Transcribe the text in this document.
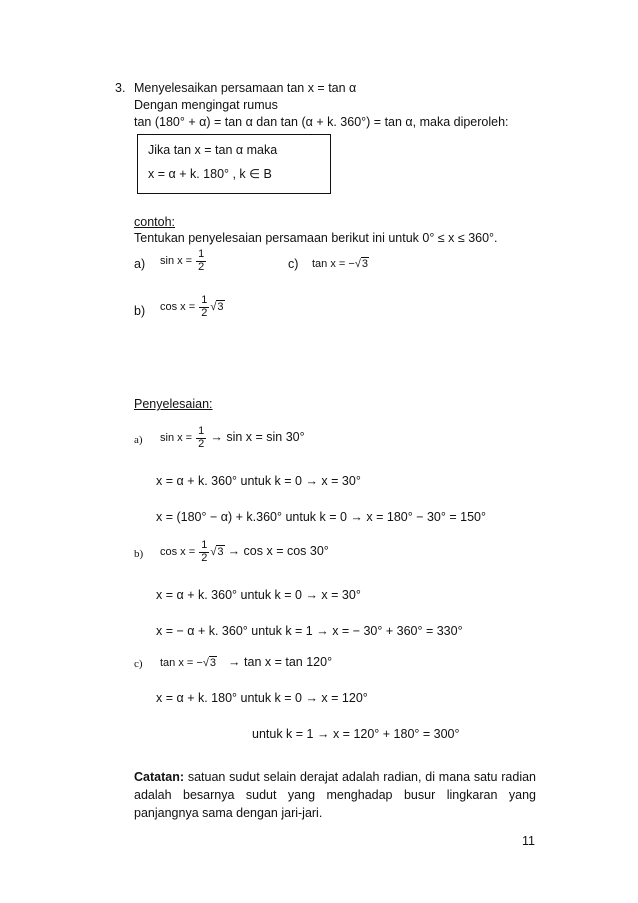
3. Menyelesaikan persamaan tan x = tan α
Dengan mengingat rumus
tan (180° + α) = tan α dan tan (α + k. 360°) = tan α, maka diperoleh:
Jika tan x = tan α maka
x = α + k. 180° , k ∈ B
contoh:
Tentukan penyelesaian persamaan berikut ini untuk 0° ≤ x ≤ 360°.
a) $\sin x = \frac{1}{2}$	c) tan x = −√3
b) $\cos x = \frac{1}{2} √3$
Penyelesaian:
a) $\sin x = \frac{1}{2} \to \sin x = \sin 30^\circ$
x = α + k. 360° untuk k = 0 → x = 30°
x = (180° − α) + k.360° untuk k = 0 → x = 180° − 30° = 150°
b) $\cos x = \frac{1}{2} √3 \to \cos x = \cos 30^\circ$
x = α + k. 360° untuk k = 0 → x = 30°
x = − α + k. 360° untuk k = 1 → x = − 30° + 360° = 330°
c) tan x = −√3 → tan x = tan 120°
x = α + k. 180° untuk k = 0 → x = 120°
untuk k = 1 → x = 120° + 180° = 300°
Catatan: satuan sudut selain derajat adalah radian, di mana satu radian adalah besarnya sudut yang menghadap busur lingkaran yang panjangnya sama dengan jari-jari.
11
